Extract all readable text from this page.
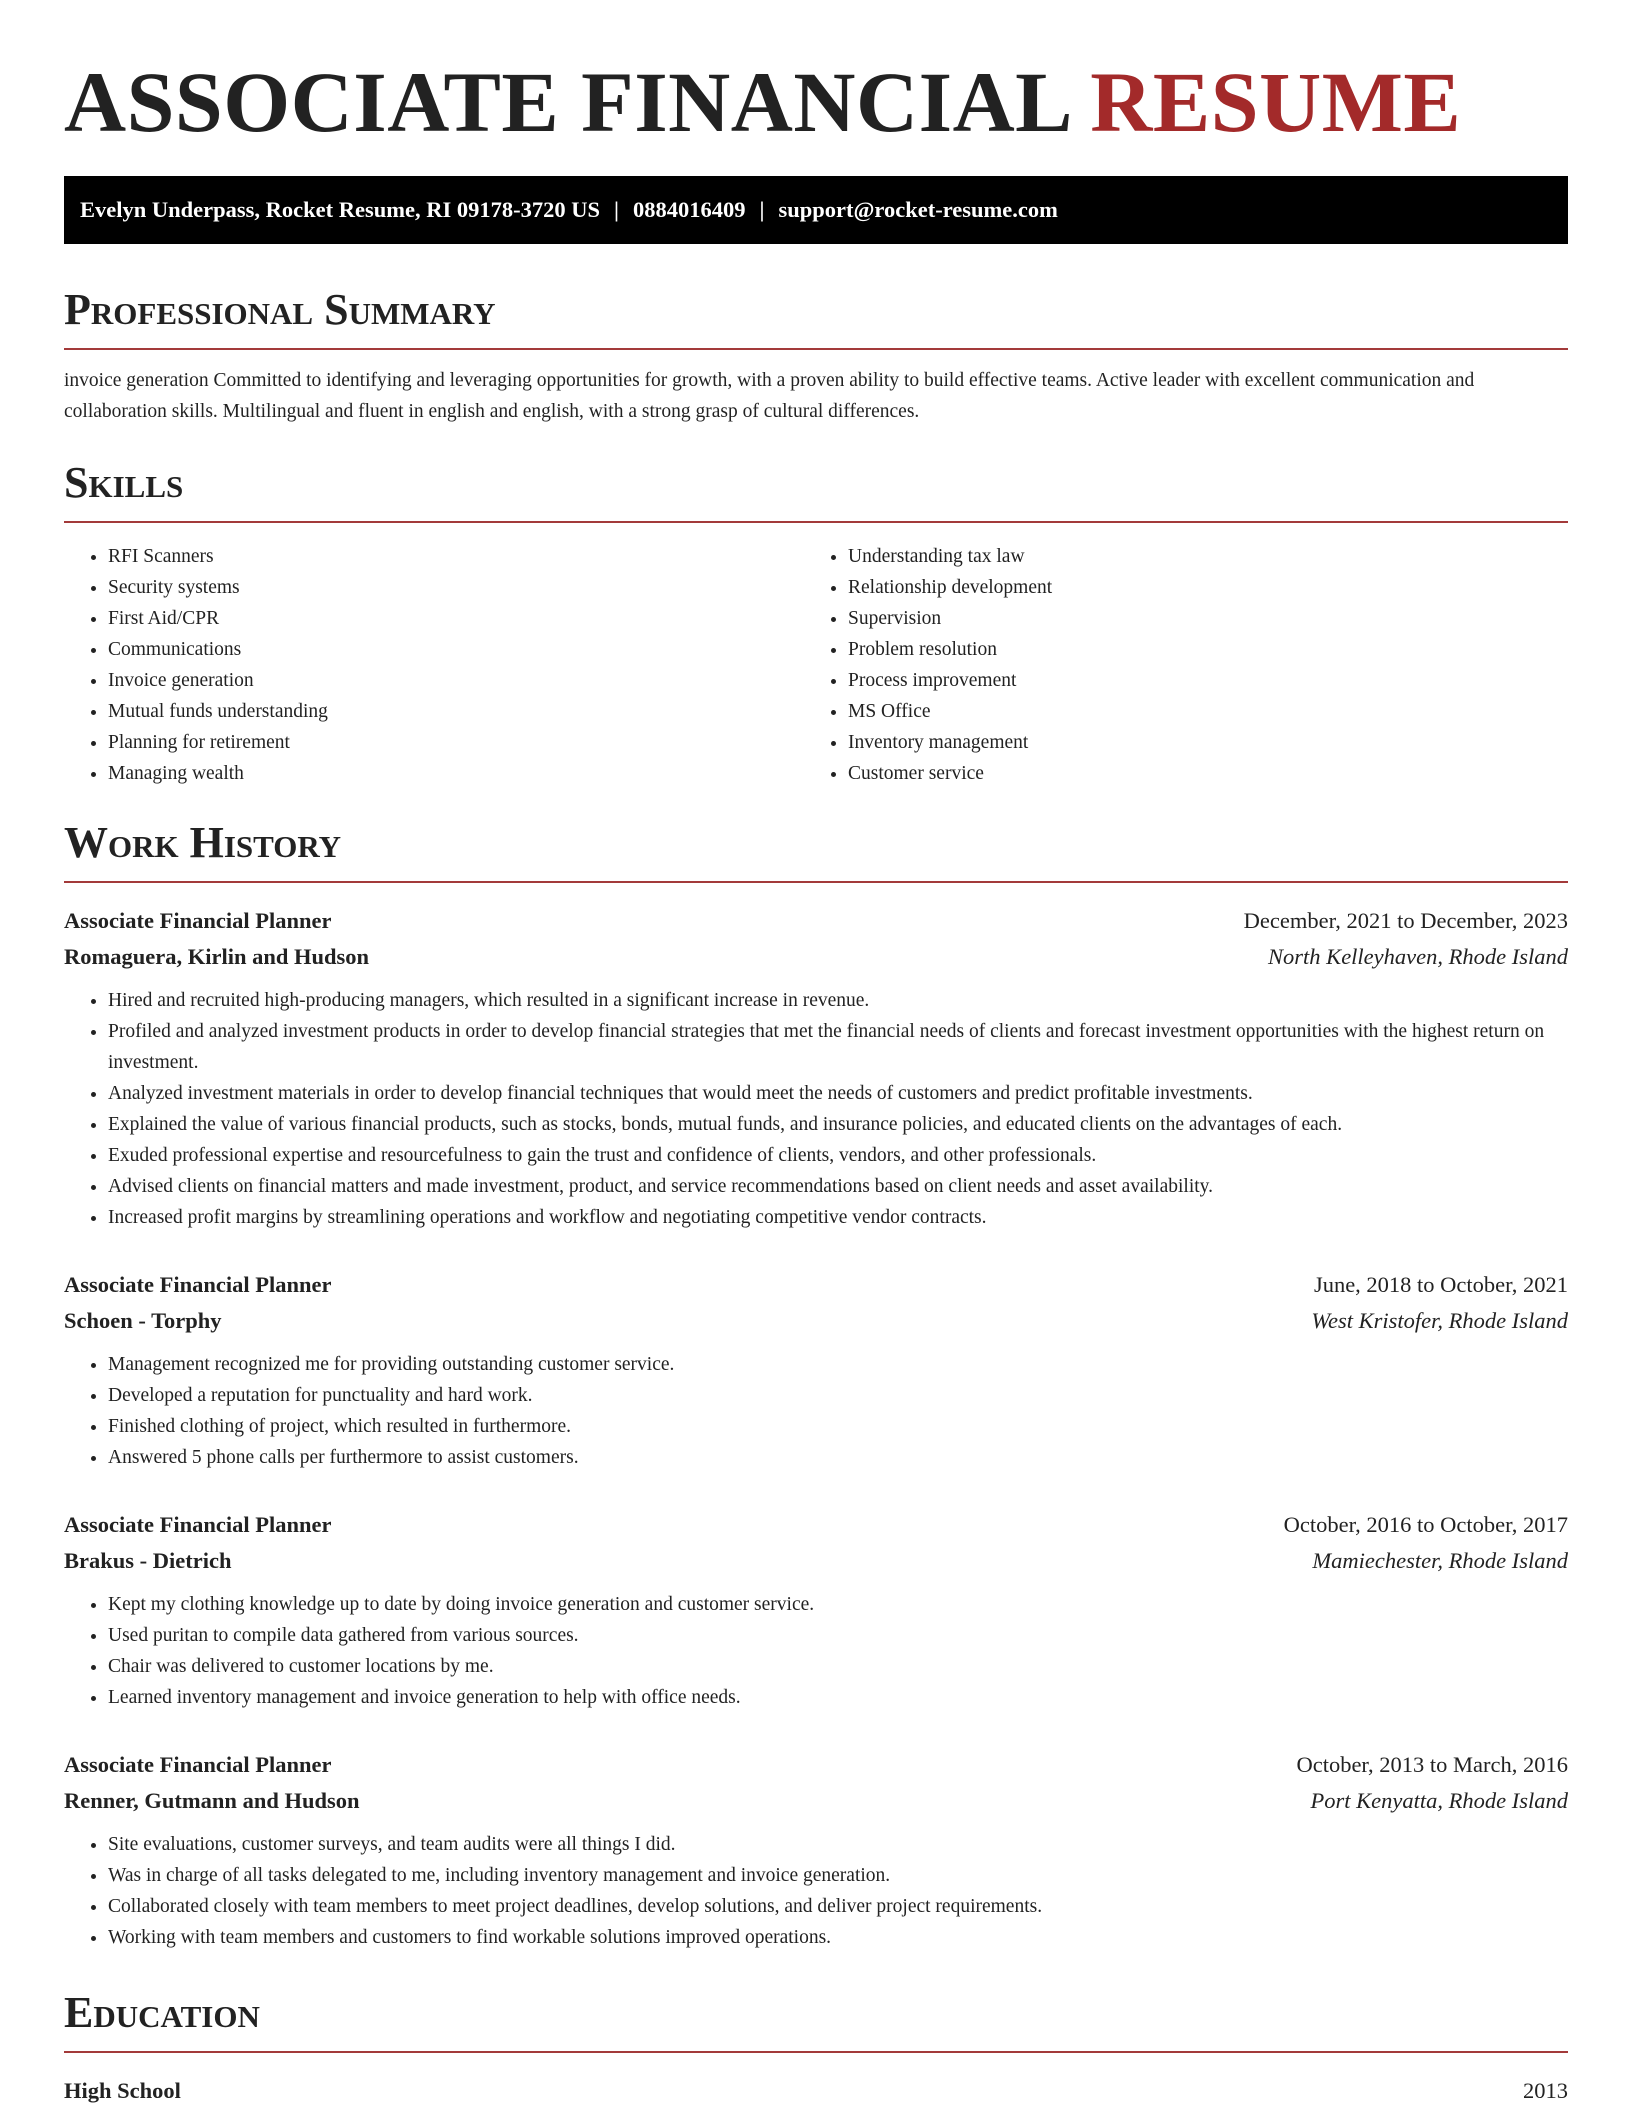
ASSOCIATE FINANCIAL RESUME
Evelyn Underpass, Rocket Resume, RI 09178-3720 US | 0884016409 | support@rocket-resume.com
Professional Summary

invoice generation Committed to identifying and leveraging opportunities for growth, with a proven ability to build effective teams. Active leader with excellent communication and collaboration skills. Multilingual and fluent in english and english, with a strong grasp of cultural differences.

Skills
• RFI Scanners
• Security systems
• First Aid/CPR
• Communications
• Invoice generation
• Mutual funds understanding
• Planning for retirement
• Managing wealth
• Understanding tax law
• Relationship development
• Supervision
• Problem resolution
• Process improvement
• MS Office
• Inventory management
• Customer service
Work History
Associate Financial Planner	December, 2021 to December, 2023
Romaguera, Kirlin and Hudson	North Kelleyhaven, Rhode Island
• Hired and recruited high-producing managers, which resulted in a significant increase in revenue.
• Profiled and analyzed investment products in order to develop financial strategies that met the financial needs of clients and forecast investment opportunities with the highest return on investment.
• Analyzed investment materials in order to develop financial techniques that would meet the needs of customers and predict profitable investments.
• Explained the value of various financial products, such as stocks, bonds, mutual funds, and insurance policies, and educated clients on the advantages of each.
• Exuded professional expertise and resourcefulness to gain the trust and confidence of clients, vendors, and other professionals.
• Advised clients on financial matters and made investment, product, and service recommendations based on client needs and asset availability.
• Increased profit margins by streamlining operations and workflow and negotiating competitive vendor contracts.
Associate Financial Planner	June, 2018 to October, 2021
Schoen - Torphy	West Kristofer, Rhode Island
• Management recognized me for providing outstanding customer service.
• Developed a reputation for punctuality and hard work.
• Finished clothing of project, which resulted in furthermore.
• Answered 5 phone calls per furthermore to assist customers.
Associate Financial Planner	October, 2016 to October, 2017
Brakus - Dietrich	Mamiechester, Rhode Island
• Kept my clothing knowledge up to date by doing invoice generation and customer service.
• Used puritan to compile data gathered from various sources.
• Chair was delivered to customer locations by me.
• Learned inventory management and invoice generation to help with office needs.
Associate Financial Planner	October, 2013 to March, 2016
Renner, Gutmann and Hudson	Port Kenyatta, Rhode Island
• Site evaluations, customer surveys, and team audits were all things I did.
• Was in charge of all tasks delegated to me, including inventory management and invoice generation.
• Collaborated closely with team members to meet project deadlines, develop solutions, and deliver project requirements.
• Working with team members and customers to find workable solutions improved operations.
Education
High School	2013
